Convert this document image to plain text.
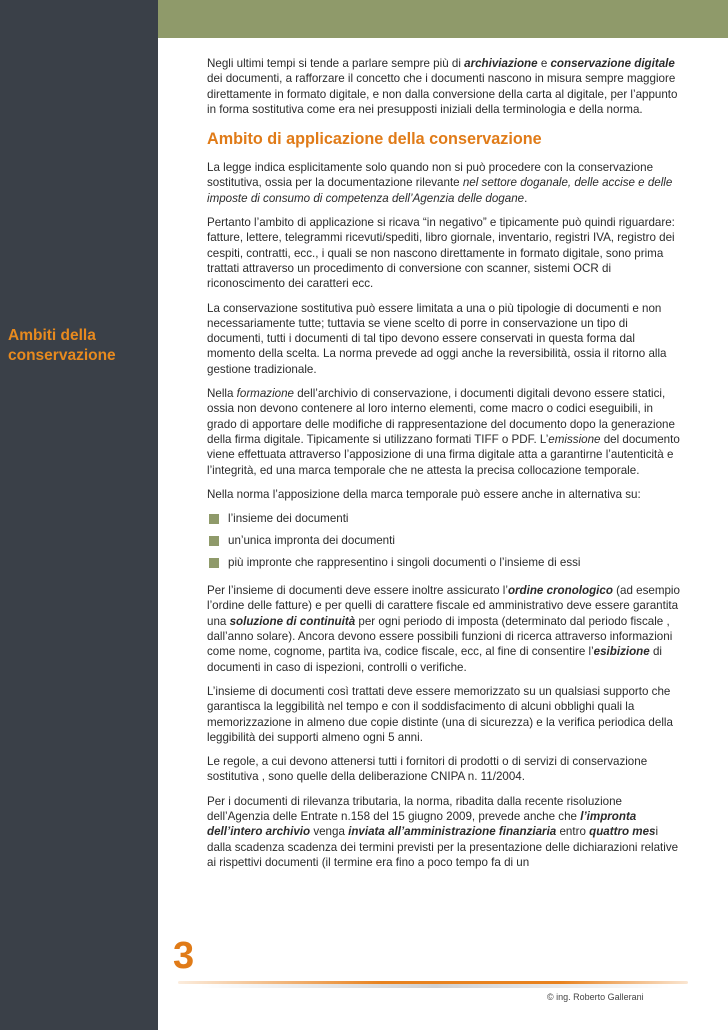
Ambiti della
conservazione

Negli ultimi tempi si tende a parlare sempre più di archiviazione e conservazione digitale dei documenti, a rafforzare il concetto che i documenti nascono in misura sempre maggiore direttamente in formato digitale, e non dalla conversione della carta al digitale, per l’appunto in forma sostitutiva come era nei presupposti iniziali della terminologia e della norma.

Ambito di applicazione della conservazione

La legge indica esplicitamente solo quando non si può procedere con la conservazione sostitutiva, ossia per la documentazione rilevante nel settore doganale, delle accise e delle imposte di consumo di competenza dell’Agenzia delle dogane.

Pertanto l’ambito di applicazione si ricava “in negativo” e tipicamente può quindi riguardare: fatture, lettere, telegrammi ricevuti/spediti, libro giornale, inventario, registri IVA, registro dei cespiti, contratti, ecc., i quali se non nascono direttamente in formato digitale, sono prima trattati attraverso un procedimento di conversione con scanner, sistemi OCR di riconoscimento dei caratteri ecc.

La conservazione sostitutiva può essere limitata a una o più tipologie di documenti e non necessariamente tutte; tuttavia se viene scelto di porre in conservazione un tipo di documenti, tutti i documenti di tal tipo devono essere conservati in questa forma dal momento della scelta. La norma prevede ad oggi anche la reversibilità, ossia il ritorno alla gestione tradizionale.

Nella formazione dell’archivio di conservazione, i documenti digitali devono essere statici, ossia non devono contenere al loro interno elementi, come macro o codici eseguibili, in grado di apportare delle modifiche di rappresentazione del documento dopo la generazione della firma digitale. Tipicamente si utilizzano formati TIFF o PDF. L’emissione del documento viene effettuata attraverso l’apposizione di una firma digitale atta a garantirne l’autenticità e l’integrità, ed una marca temporale che ne attesta la precisa collocazione temporale.

Nella norma l’apposizione della marca temporale può essere anche in alternativa su:

l’insieme dei documenti
un’unica impronta dei documenti
più impronte che rappresentino i singoli documenti o l’insieme di essi

Per l’insieme di documenti deve essere inoltre assicurato l’ordine cronologico (ad esempio l’ordine delle fatture) e per quelli di carattere fiscale ed amministrativo deve essere garantita una soluzione di continuità per ogni periodo di imposta (determinato dal periodo fiscale , dall’anno solare). Ancora devono essere possibili funzioni di ricerca attraverso informazioni come nome, cognome, partita iva, codice fiscale, ecc, al fine di consentire l’esibizione di documenti in caso di ispezioni, controlli o verifiche.

L’insieme di documenti così trattati deve essere memorizzato su un qualsiasi supporto che garantisca la leggibilità nel tempo e con il soddisfacimento di alcuni obblighi quali la memorizzazione in almeno due copie distinte (una di sicurezza) e la verifica periodica della leggibilità dei supporti almeno ogni 5 anni.

Le regole, a cui devono attenersi tutti i fornitori di prodotti o di servizi di conservazione sostitutiva , sono quelle della deliberazione CNIPA n. 11/2004.

Per i documenti di rilevanza tributaria, la norma, ribadita dalla recente risoluzione dell’Agenzia delle Entrate n.158 del 15 giugno 2009, prevede anche che l’impronta dell’intero archivio venga inviata all’amministrazione finanziaria entro quattro mesi dalla scadenza scadenza dei termini previsti per la presentazione delle dichiarazioni relative ai rispettivi documenti (il termine era fino a poco tempo fa di un

3
© ing. Roberto Gallerani
